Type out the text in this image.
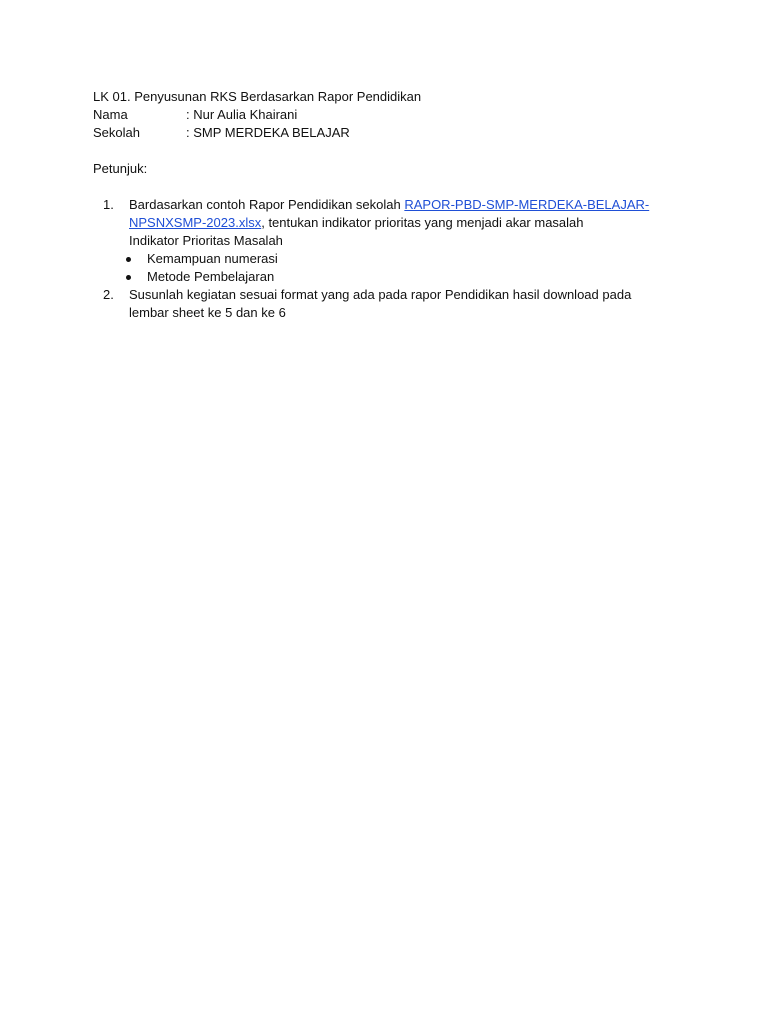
LK 01. Penyusunan RKS Berdasarkan Rapor Pendidikan
Nama	: Nur Aulia Khairani
Sekolah	: SMP MERDEKA BELAJAR
Petunjuk:
1. Bardasarkan contoh Rapor Pendidikan sekolah RAPOR-PBD-SMP-MERDEKA-BELAJAR-
NPSNXSMP-2023.xlsx, tentukan indikator prioritas yang menjadi akar masalah
Indikator Prioritas Masalah
Kemampuan numerasi
Metode Pembelajaran
2. Susunlah kegiatan sesuai format yang ada pada rapor Pendidikan hasil download pada
lembar sheet ke 5 dan ke 6
